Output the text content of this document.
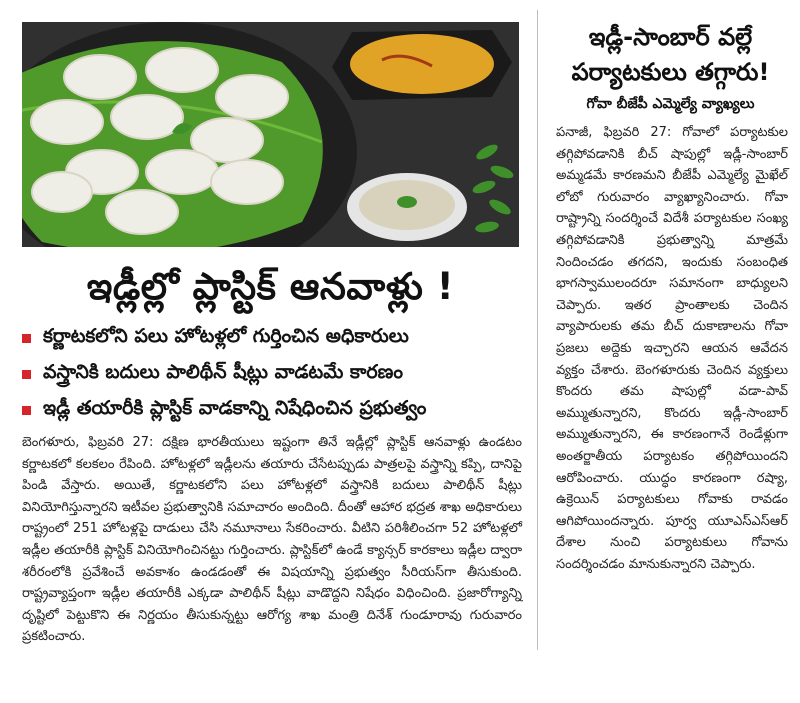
ఇడ్లీల్లో ప్లాస్టిక్ ఆనవాళ్లు !
కర్ణాటకలోని పలు హోటళ్లలో గుర్తించిన అధికారులు
వస్త్రానికి బదులు పాలిథీన్ షీట్లు వాడటమే కారణం
ఇడ్లీ తయారీకి ప్లాస్టిక్ వాడకాన్ని నిషేధించిన ప్రభుత్వం

బెంగళూరు, ఫిబ్రవరి 27: దక్షిణ భారతీయులు ఇష్టంగా తినే ఇడ్లీల్లో ప్లాస్టిక్ ఆనవాళ్లు ఉండటం కర్ణాటకలో కలకలం రేపింది. హోటళ్లలో ఇడ్లీలను తయారు చేసేటప్పుడు పాత్రలపై వస్త్రాన్ని కప్పి, దానిపై పిండి వేస్తారు. అయితే, కర్ణాటకలోని పలు హోటళ్లలో వస్త్రానికి బదులు పాలిథీన్ షీట్లు వినియోగిస్తున్నారని ఇటీవల ప్రభుత్వానికి సమాచారం అందింది. దీంతో ఆహార భద్రత శాఖ అధికారులు రాష్ట్రంలో 251 హోటళ్లపై దాడులు చేసి నమూనాలు సేకరించారు. వీటిని పరిశీలించగా 52 హోటళ్లలో ఇడ్లీల తయారీకి ప్లాస్టిక్ వినియోగించినట్టు గుర్తించారు. ప్లాస్టిక్‌లో ఉండే క్యాన్సర్ కారకాలు ఇడ్లీల ద్వారా శరీరంలోకి ప్రవేశించే అవకాశం ఉండడంతో ఈ విషయాన్ని ప్రభుత్వం సీరియస్‌గా తీసుకుంది. రాష్ట్రవ్యాప్తంగా ఇడ్లీల తయారీకి ఎక్కడా పాలిథీన్ షీట్లు వాడొద్దని నిషేధం విధించింది. ప్రజారోగ్యాన్ని దృష్టిలో పెట్టుకొని ఈ నిర్ణయం తీసుకున్నట్టు ఆరోగ్య శాఖ మంత్రి దినేశ్ గుండూరావు గురువారం ప్రకటించారు.

ఇడ్లీ-సాంబార్ వల్లే
పర్యాటకులు తగ్గారు!
గోవా బీజేపీ ఎమ్మెల్యే వ్యాఖ్యలు

పనాజీ, ఫిబ్రవరి 27: గోవాలో పర్యాటకుల తగ్గిపోవడానికి బీచ్ షాపుల్లో ఇడ్లీ-సాంబార్ అమ్మడమే కారణమని బీజేపీ ఎమ్మెల్యే మైఖేల్ లోబో గురువారం వ్యాఖ్యానించారు. గోవా రాష్ట్రాన్ని సందర్శించే విదేశీ పర్యాటకుల సంఖ్య తగ్గిపోవడానికి ప్రభుత్వాన్ని మాత్రమే నిందించడం తగదని, ఇందుకు సంబంధిత భాగస్వాములందరూ సమానంగా బాధ్యులని చెప్పారు. ఇతర ప్రాంతాలకు చెందిన వ్యాపారులకు తమ బీచ్ దుకాణాలను గోవా ప్రజలు అద్దెకు ఇచ్చారని ఆయన ఆవేదన వ్యక్తం చేశారు. బెంగళూరుకు చెందిన వ్యక్తులు కొందరు తమ షాపుల్లో వడా-పావ్ అమ్ముతున్నారని, కొందరు ఇడ్లీ-సాంబార్ అమ్ముతున్నారని, ఈ కారణంగానే రెండేళ్లుగా అంతర్జాతీయ పర్యాటకం తగ్గిపోయిందని ఆరోపించారు. యుద్ధం కారణంగా రష్యా, ఉక్రెయిన్ పర్యాటకులు గోవాకు రావడం ఆగిపోయిందన్నారు. పూర్వ యూఎస్ఎస్ఆర్ దేశాల నుంచి పర్యాటకులు గోవాను సందర్శించడం మానుకున్నారని చెప్పారు.
